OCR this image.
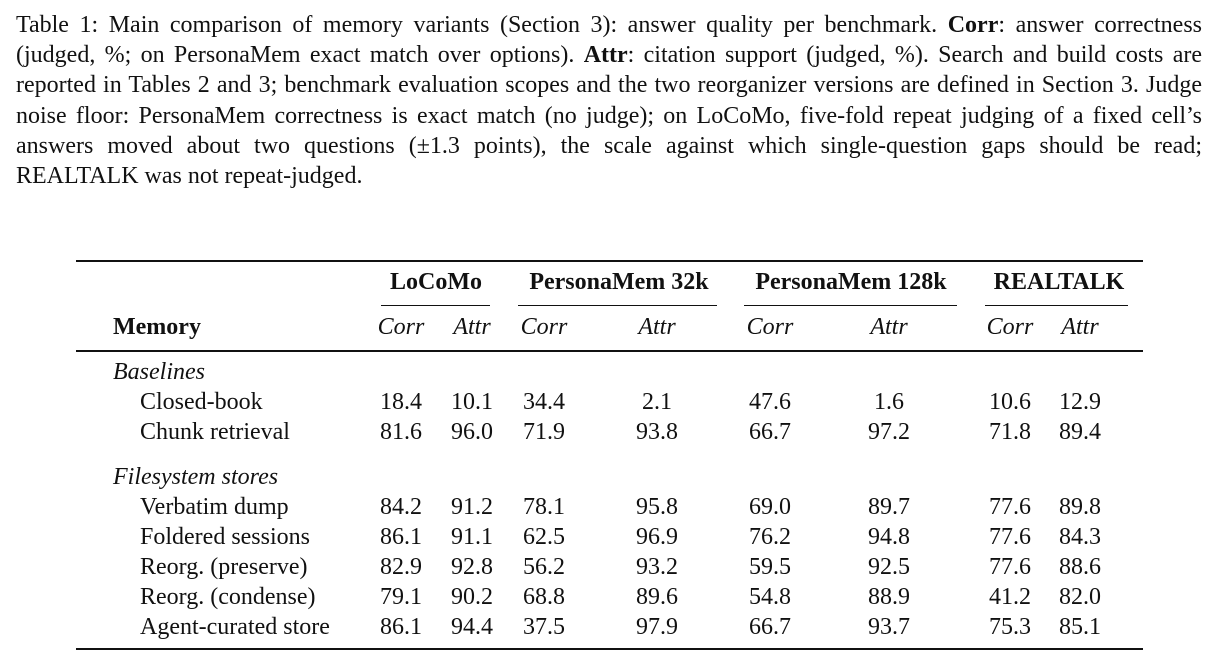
Table 1: Main comparison of memory variants (Section 3): answer quality per benchmark. Corr: answer correctness (judged, %; on PersonaMem exact match over options). Attr: citation support (judged, %). Search and build costs are reported in Tables 2 and 3; benchmark evaluation scopes and the two reorganizer versions are defined in Section 3. Judge noise floor: PersonaMem correctness is exact match (no judge); on LoCoMo, five-fold repeat judging of a fixed cell’s answers moved about two questions (±1.3 points), the scale against which single-question gaps should be read; REALTALK was not repeat-judged.
LoCoMo	PersonaMem 32k	PersonaMem 128k	REALTALK
Memory	Corr	Attr	Corr	Attr	Corr	Attr	Corr	Attr
Baselines
Closed-book	18.4	10.1	34.4	2.1	47.6	1.6	10.6	12.9
Chunk retrieval	81.6	96.0	71.9	93.8	66.7	97.2	71.8	89.4
Filesystem stores
Verbatim dump	84.2	91.2	78.1	95.8	69.0	89.7	77.6	89.8
Foldered sessions	86.1	91.1	62.5	96.9	76.2	94.8	77.6	84.3
Reorg. (preserve)	82.9	92.8	56.2	93.2	59.5	92.5	77.6	88.6
Reorg. (condense)	79.1	90.2	68.8	89.6	54.8	88.9	41.2	82.0
Agent-curated store	86.1	94.4	37.5	97.9	66.7	93.7	75.3	85.1
